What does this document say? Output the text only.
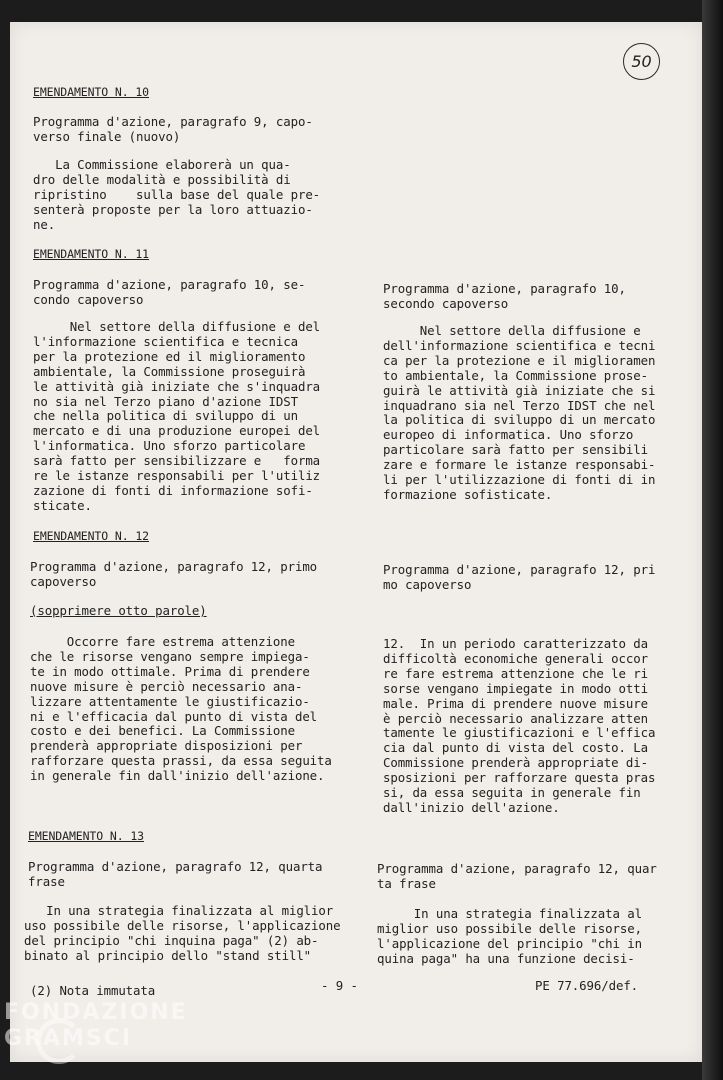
50
EMENDAMENTO N. 10
Programma d'azione, paragrafo 9, capo-
verso finale (nuovo)
La Commissione elaborerà un qua-
dro delle modalità e possibilità di
ripristino    sulla base del quale pre-
senterà proposte per la loro attuazio-
ne.
EMENDAMENTO N. 11
Programma d'azione, paragrafo 10, se-
condo capoverso
Nel settore della diffusione e del
l'informazione scientifica e tecnica
per la protezione ed il miglioramento
ambientale, la Commissione proseguirà
le attività già iniziate che s'inquadra
no sia nel Terzo piano d'azione IDST
che nella politica di sviluppo di un
mercato e di una produzione europei del
l'informatica. Uno sforzo particolare
sarà fatto per sensibilizzare e   forma
re le istanze responsabili per l'utiliz
zazione di fonti di informazione sofi-
sticate.
EMENDAMENTO N. 12
Programma d'azione, paragrafo 12, primo
capoverso
(sopprimere otto parole)
Occorre fare estrema attenzione
che le risorse vengano sempre impiega-
te in modo ottimale. Prima di prendere
nuove misure è perciò necessario ana-
lizzare attentamente le giustificazio-
ni e l'efficacia dal punto di vista del
costo e dei benefici. La Commissione
prenderà appropriate disposizioni per
rafforzare questa prassi, da essa seguita
in generale fin dall'inizio dell'azione.
EMENDAMENTO N. 13
Programma d'azione, paragrafo 12, quarta
frase
In una strategia finalizzata al miglior
uso possibile delle risorse, l'applicazione
del principio "chi inquina paga" (2) ab-
binato al principio dello "stand still"
(2) Nota immutata
Programma d'azione, paragrafo 10,
secondo capoverso
Nel settore della diffusione e
dell'informazione scientifica e tecni
ca per la protezione e il miglioramen
to ambientale, la Commissione prose-
guirà le attività già iniziate che si
inquadrano sia nel Terzo IDST che nel
la politica di sviluppo di un mercato
europeo di informatica. Uno sforzo
particolare sarà fatto per sensibili
zare e formare le istanze responsabi-
li per l'utilizzazione di fonti di in
formazione sofisticate.
Programma d'azione, paragrafo 12, pri
mo capoverso
12.  In un periodo caratterizzato da
difficoltà economiche generali occor
re fare estrema attenzione che le ri
sorse vengano impiegate in modo otti
male. Prima di prendere nuove misure
è perciò necessario analizzare atten
tamente le giustificazioni e l'effica
cia dal punto di vista del costo. La
Commissione prenderà appropriate di-
sposizioni per rafforzare questa pras
si, da essa seguita in generale fin
dall'inizio dell'azione.
Programma d'azione, paragrafo 12, quar
ta frase
In una strategia finalizzata al
miglior uso possibile delle risorse,
l'applicazione del principio "chi in
quina paga" ha una funzione decisi-
- 9 -	PE 77.696/def.
FONDAZIONE GRAMSCI
